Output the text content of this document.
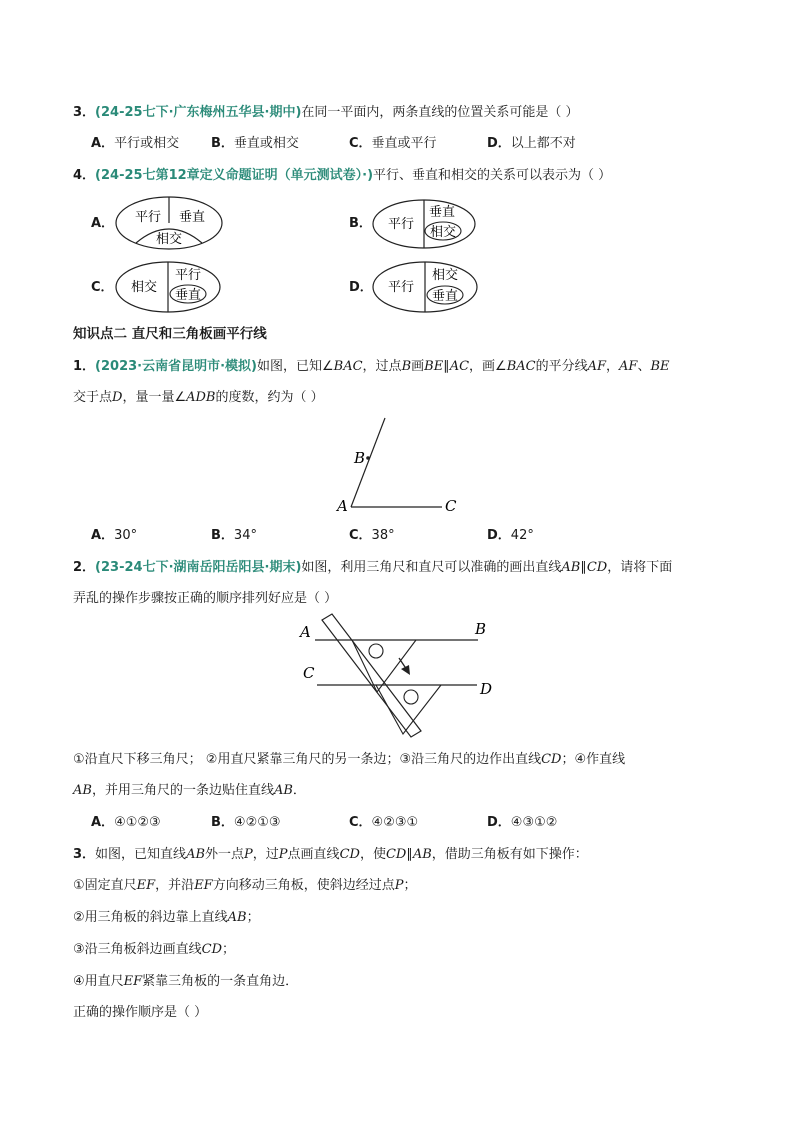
3．(24-25七下·广东梅州五华县·期中)在同一平面内，两条直线的位置关系可能是（ ）
A．平行或相交 B．垂直或相交	C．垂直或平行	D．以上都不对
4．(24-25七第12章定义命题证明（单元测试卷）·)平行、垂直和相交的关系可以表示为（ ）
A． 平行 垂直
相交
B． 平行
垂直
相交
C． 相交
平行
垂直
D． 平行
相交
垂直
知识点二 直尺和三角板画平行线
1．(2023·云南省昆明市·模拟)如图，已知∠BAC，过点B画BE∥AC，画∠BAC的平分线AF，AF、BE
交于点D，量一量∠ADB的度数，约为（ ）
B
A	C
A．30°	B．34°	C．38°	D．42°
2．(23-24七下·湖南岳阳岳阳县·期末)如图，利用三角尺和直尺可以准确的画出直线AB∥CD，请将下面
弄乱的操作步骤按正确的顺序排列好应是（ ）
A	B
C
D
①沿直尺下移三角尺； ②用直尺紧靠三角尺的另一条边；③沿三角尺的边作出直线CD；④作直线
AB，并用三角尺的一条边贴住直线AB．
A．④①②③	B．④②①③	C．④②③①	D．④③①②
3．如图，已知直线AB外一点P，过P点画直线CD，使CD∥AB，借助三角板有如下操作：
①固定直尺EF，并沿EF方向移动三角板，使斜边经过点P；
②用三角板的斜边靠上直线AB；
③沿三角板斜边画直线CD；
④用直尺EF紧靠三角板的一条直角边．
正确的操作顺序是（ ）
